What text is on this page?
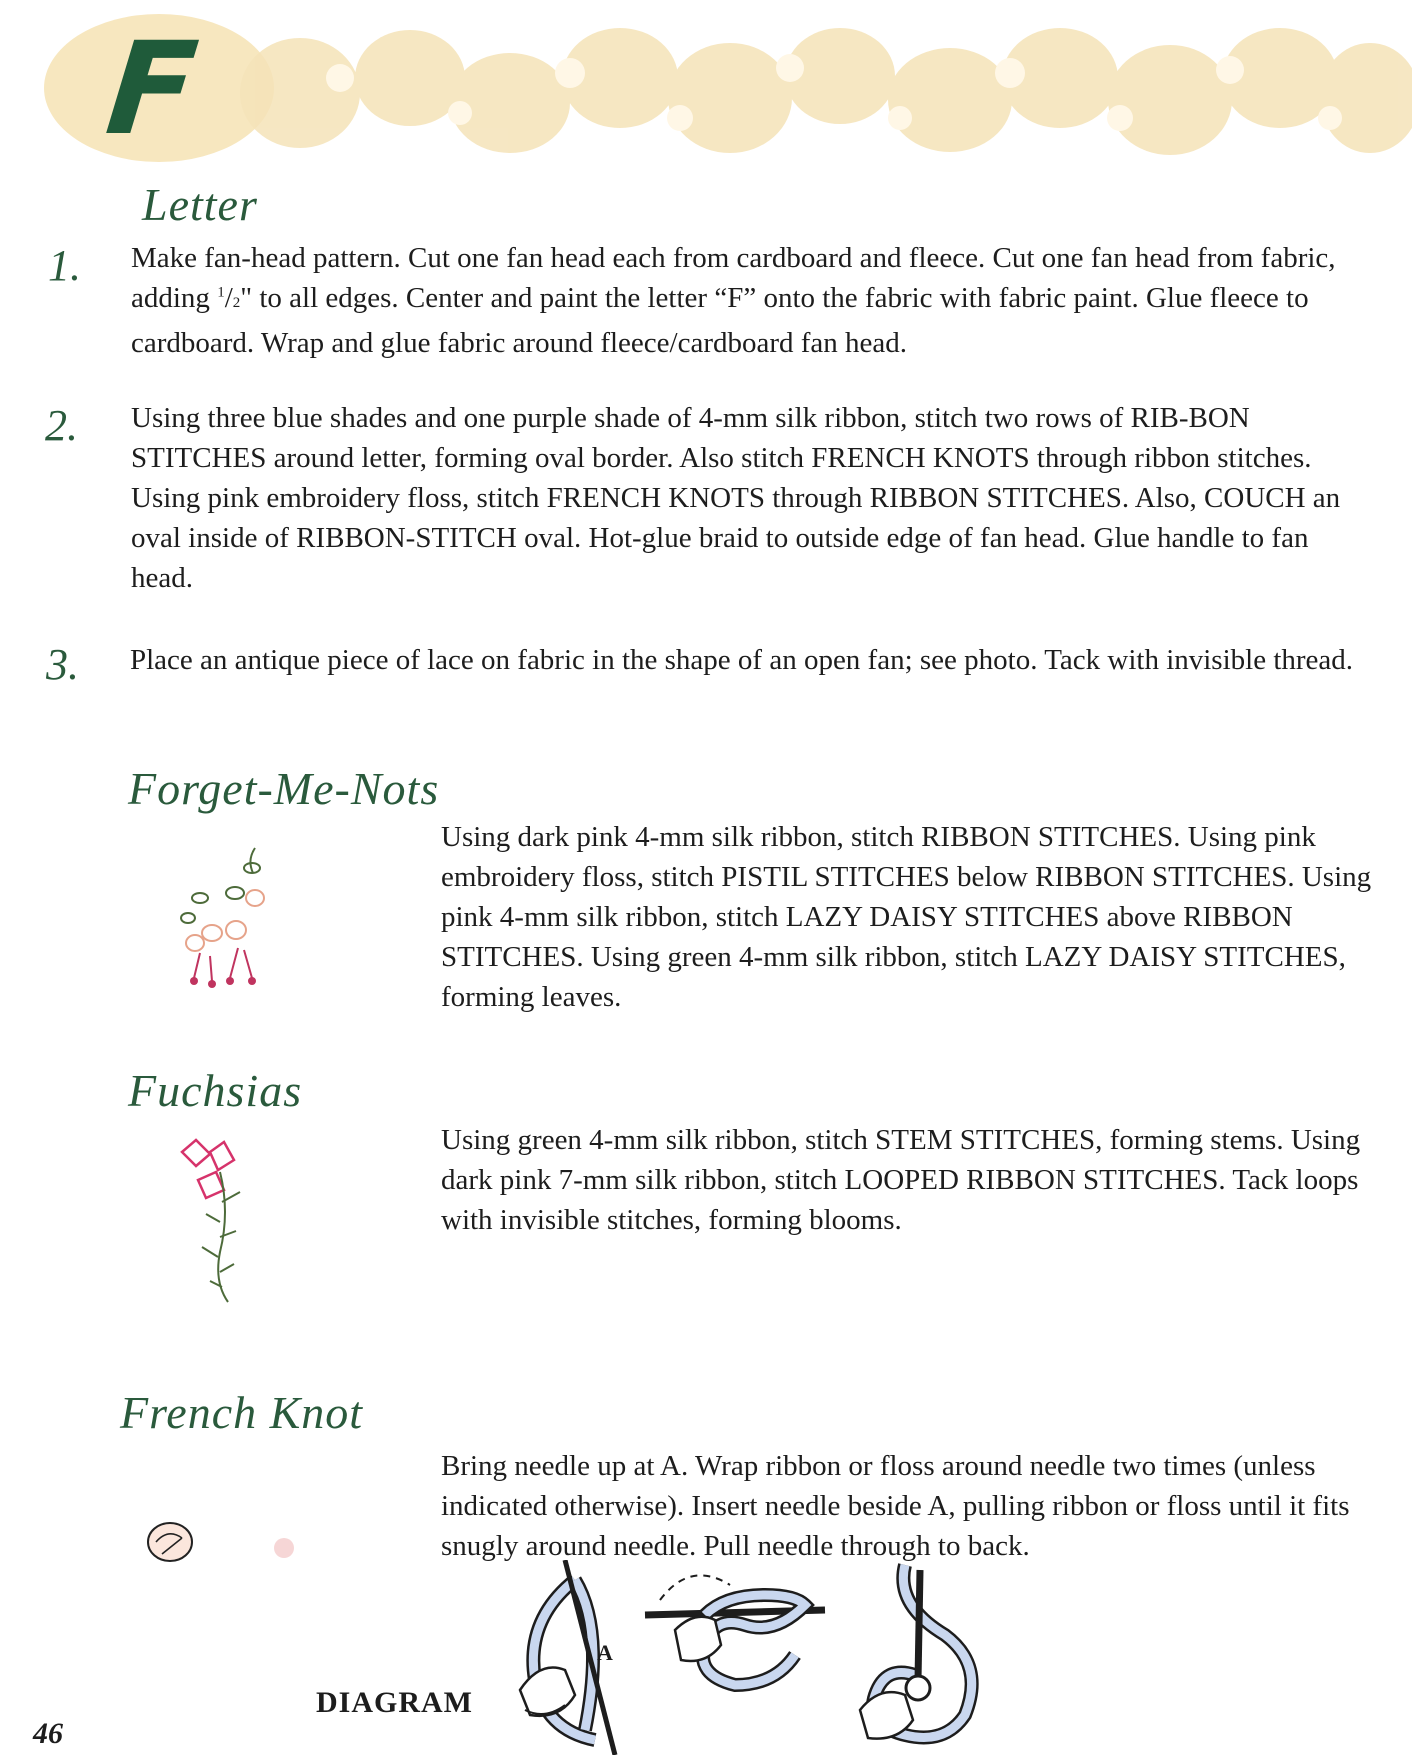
F
Letter
1. Make fan-head pattern. Cut one fan head each from cardboard and fleece. Cut one fan head from fabric, adding $^1$/2" to all edges. Center and paint the letter “F” onto the fabric with fabric paint. Glue fleece to cardboard. Wrap and glue fabric around fleece/cardboard fan head.
2. Using three blue shades and one purple shade of 4-mm silk ribbon, stitch two rows of RIB-BON STITCHES around letter, forming oval border. Also stitch FRENCH KNOTS through ribbon stitches. Using pink embroidery floss, stitch FRENCH KNOTS through RIBBON STITCHES. Also, COUCH an oval inside of RIBBON-STITCH oval. Hot-glue braid to outside edge of fan head. Glue handle to fan head.
3. Place an antique piece of lace on fabric in the shape of an open fan; see photo. Tack with invisible thread.
Forget-Me-Nots
Using dark pink 4-mm silk ribbon, stitch RIBBON STITCHES. Using pink embroidery floss, stitch PISTIL STITCHES below RIBBON STITCHES. Using pink 4-mm silk ribbon, stitch LAZY DAISY STITCHES above RIBBON STITCHES. Using green 4-mm silk ribbon, stitch LAZY DAISY STITCHES, forming leaves.
Fuchsias
Using green 4-mm silk ribbon, stitch STEM STITCHES, forming stems. Using dark pink 7-mm silk ribbon, stitch LOOPED RIBBON STITCHES. Tack loops with invisible stitches, forming blooms.
French Knot
Bring needle up at A. Wrap ribbon or floss around needle two times (unless indicated otherwise). Insert needle beside A, pulling ribbon or floss until it fits snugly around needle. Pull needle through to back.
DIAGRAM
A
46
